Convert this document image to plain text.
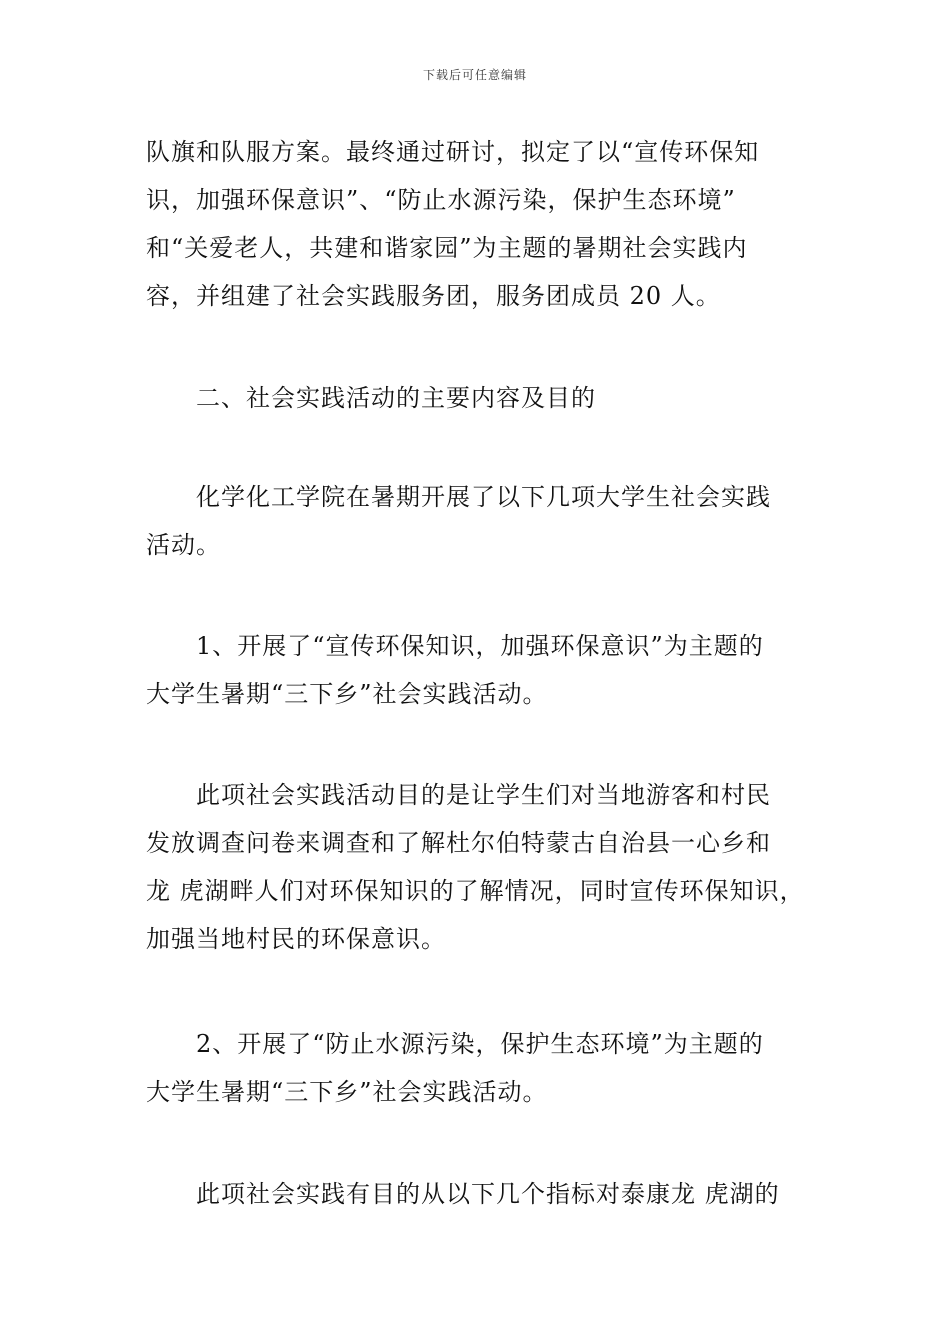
下载后可任意编辑
队旗和队服方案。最终通过研讨，拟定了以“宣传环保知
识，加强环保意识”、“防止水源污染，保护生态环境”
和“关爱老人，共建和谐家园”为主题的暑期社会实践内
容，并组建了社会实践服务团，服务团成员 20 人。
二、社会实践活动的主要内容及目的
化学化工学院在暑期开展了以下几项大学生社会实践
活动。
1、开展了“宣传环保知识，加强环保意识”为主题的
大学生暑期“三下乡”社会实践活动。
此项社会实践活动目的是让学生们对当地游客和村民
发放调查问卷来调查和了解杜尔伯特蒙古自治县一心乡和
龙 虎湖畔人们对环保知识的了解情况，同时宣传环保知识，
加强当地村民的环保意识。
2、开展了“防止水源污染，保护生态环境”为主题的
大学生暑期“三下乡”社会实践活动。
此项社会实践有目的从以下几个指标对泰康龙 虎湖的
